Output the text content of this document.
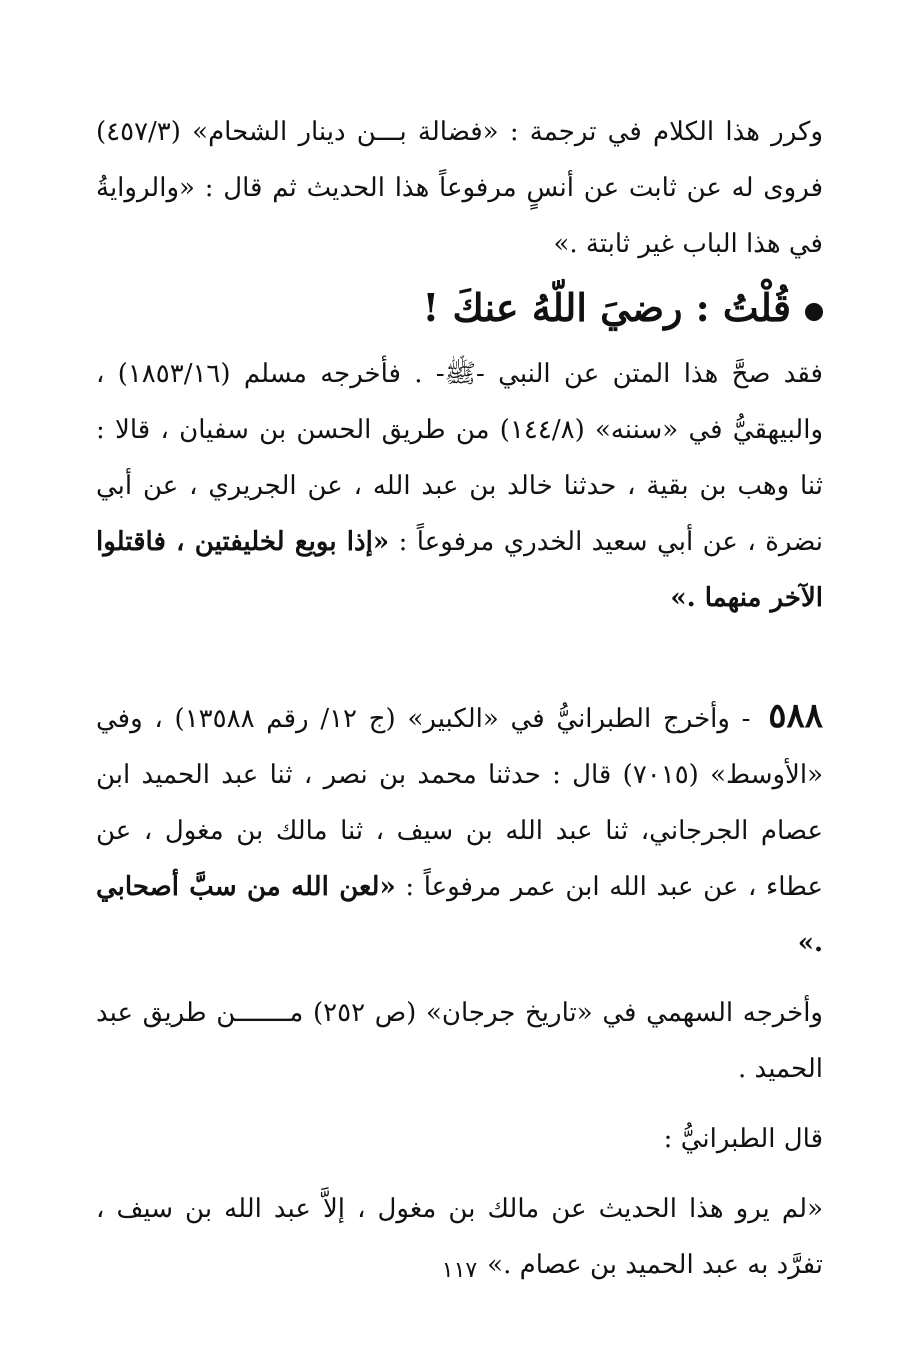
وكرر هذا الكلام في ترجمة : «فضالة بـــن دينار الشحام» (٤٥٧/٣) فروى له عن ثابت عن أنسٍ مرفوعاً هذا الحديث ثم قال : «والروايةُ في هذا الباب غير ثابتة .»

قُلْتُ : رضيَ اللّهُ عنكَ !

فقد صحَّ هذا المتن عن النبي -ﷺ- . فأخرجه مسلم (١٨٥٣/١٦) ، والبيهقيُّ في «سننه» (١٤٤/٨) من طريق الحسن بن سفيان ، قالا : ثنا وهب بن بقية ، حدثنا خالد بن عبد الله ، عن الجريري ، عن أبي نضرة ، عن أبي سعيد الخدري مرفوعاً : «إذا بويع لخليفتين ، فاقتلوا الآخر منهما .»

٥٨٨ - وأخرج الطبرانيُّ في «الكبير» (ج ١٢/ رقم ١٣٥٨٨) ، وفي «الأوسط» (٧٠١٥) قال : حدثنا محمد بن نصر ، ثنا عبد الحميد ابن عصام الجرجاني، ثنا عبد الله بن سيف ، ثنا مالك بن مغول ، عن عطاء ، عن عبد الله ابن عمر مرفوعاً : «لعن الله من سبَّ أصحابي .»

وأخرجه السهمي في «تاريخ جرجان» (ص ٢٥٢) مـــــــن طريق عبد الحميد .

قال الطبرانيُّ :

«لم يرو هذا الحديث عن مالك بن مغول ، إلاَّ عبد الله بن سيف ، تفرَّد به عبد الحميد بن عصام .»

١١٧
